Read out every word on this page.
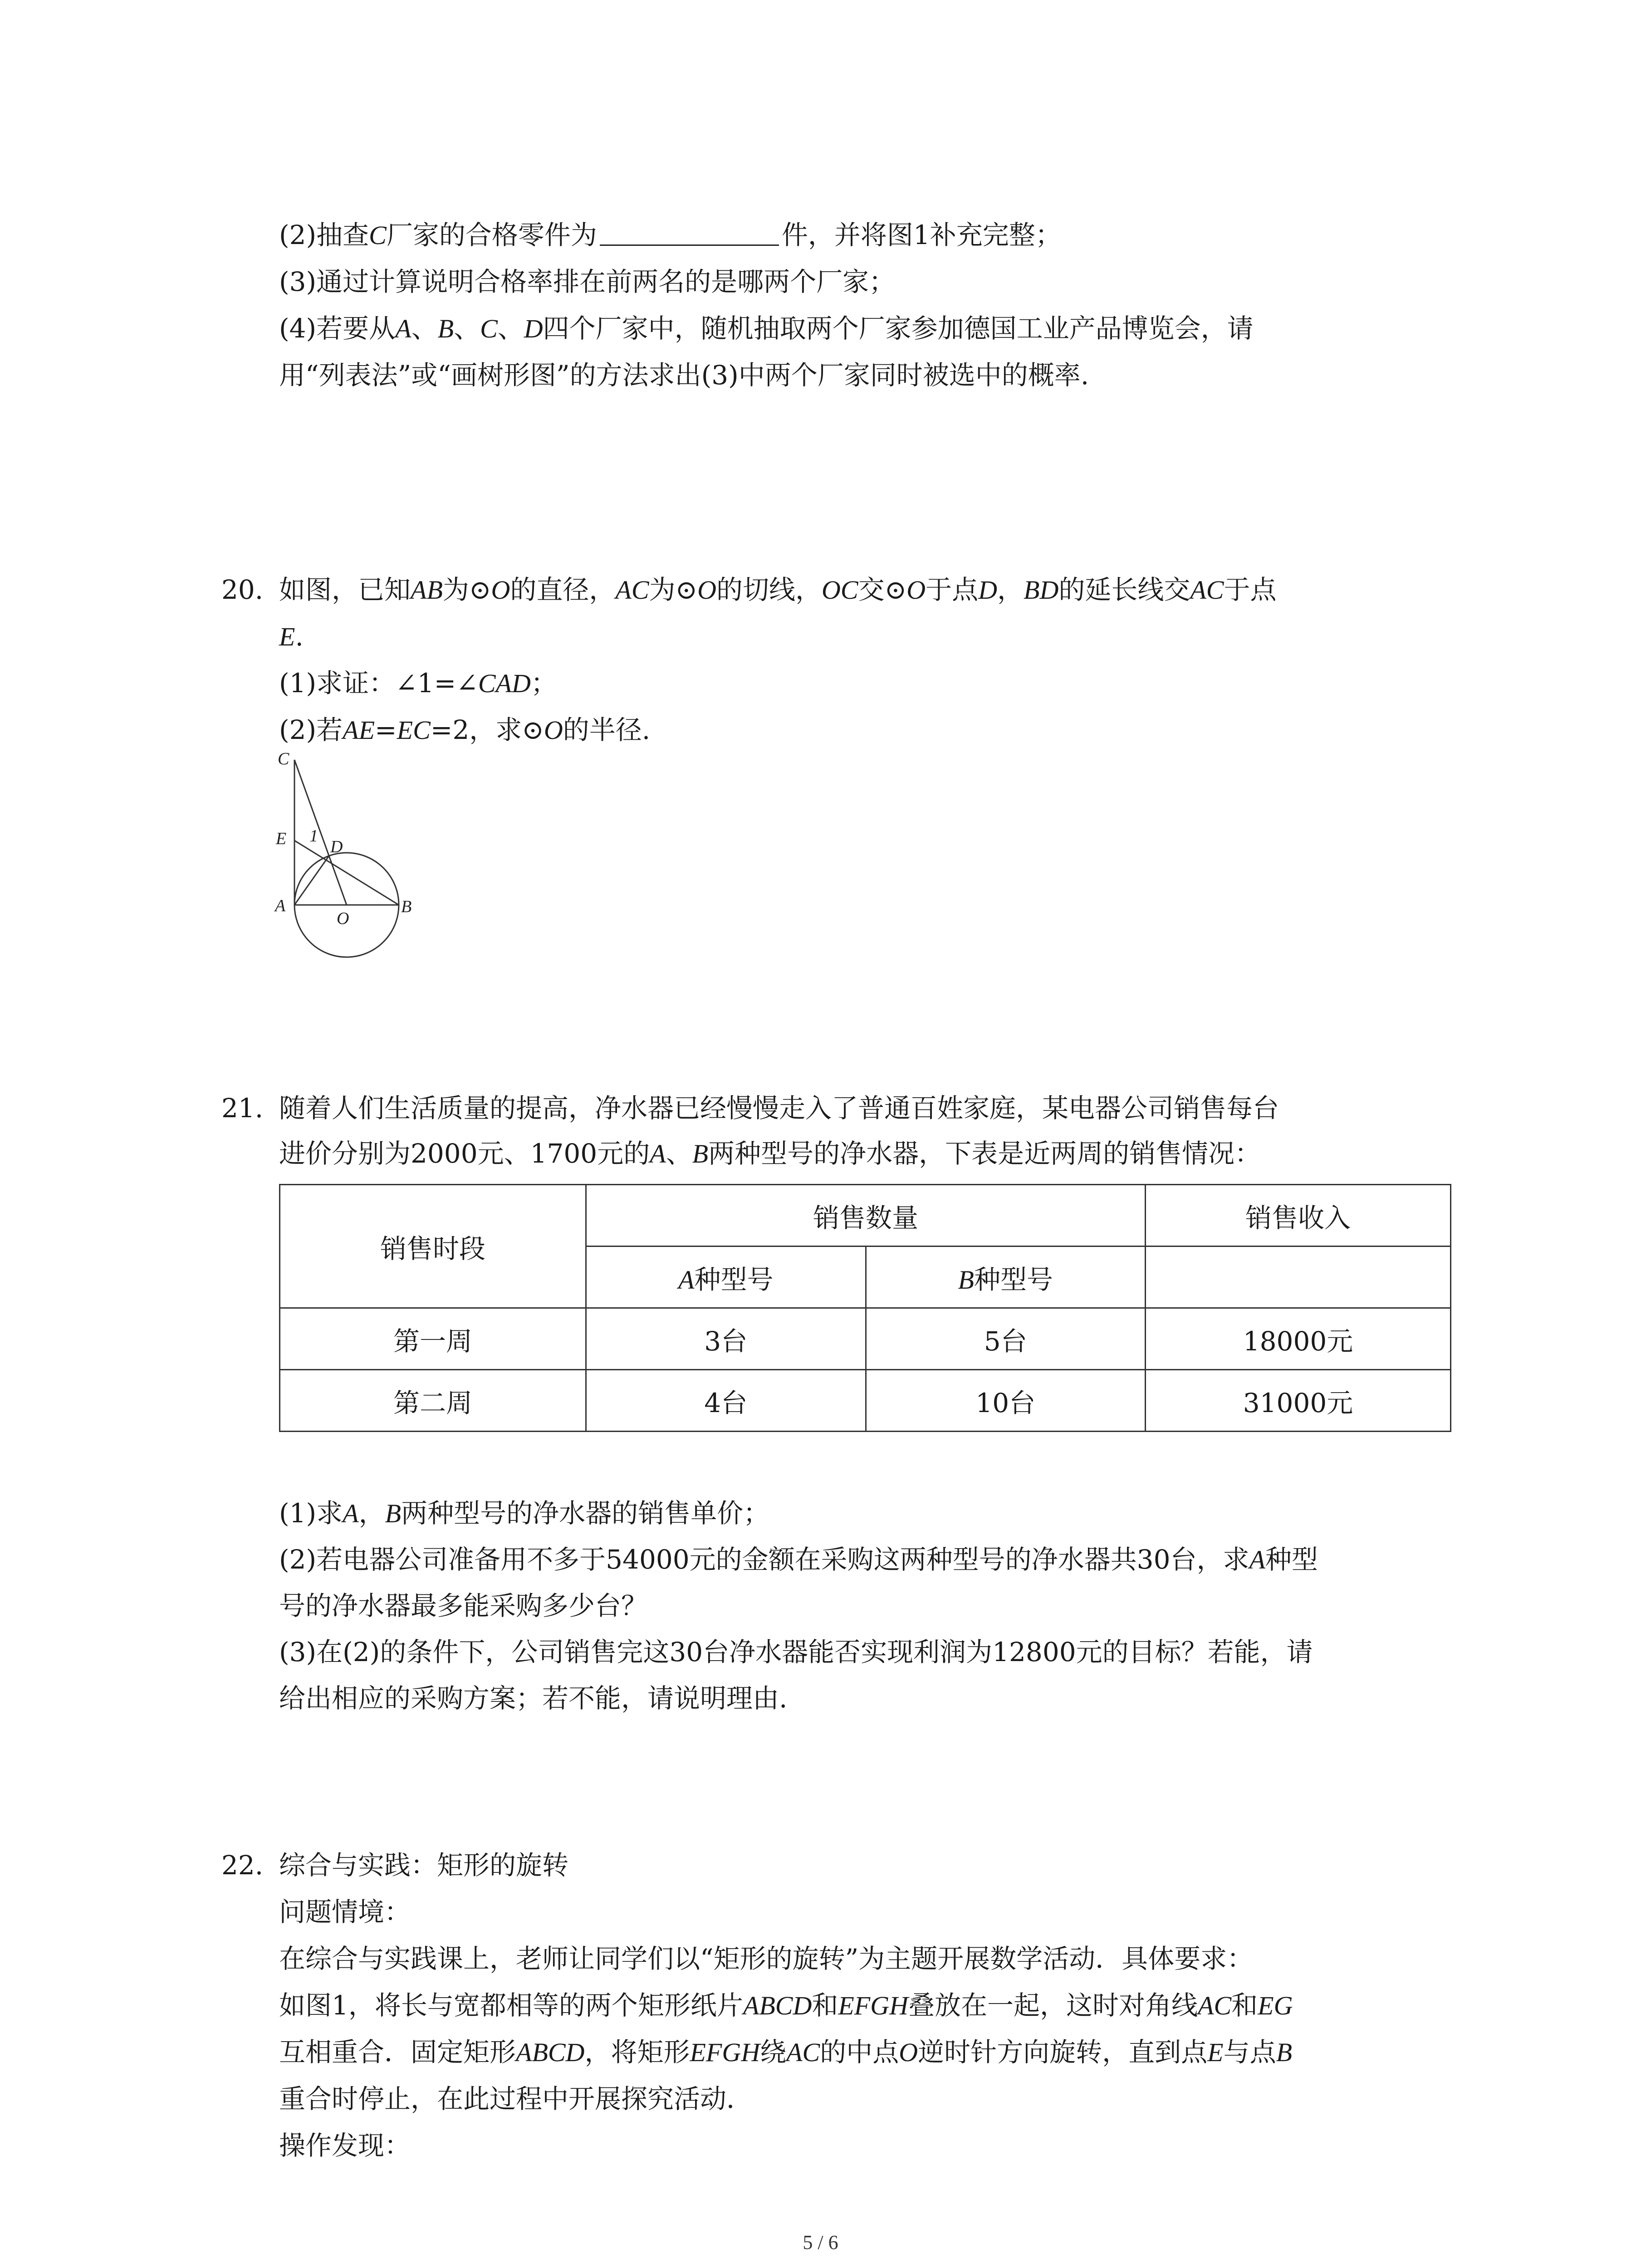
(2)抽查C厂家的合格零件为	件，并将图1补充完整；
(3)通过计算说明合格率排在前两名的是哪两个厂家；
(4)若要从A、B、C、D四个厂家中，随机抽取两个厂家参加德国工业产品博览会，请
用“列表法”或“画树形图”的方法求出(3)中两个厂家同时被选中的概率.
20. 如图，已知AB为⊙O的直径，AC为⊙O的切线，OC交⊙O于点D，BD的延长线交AC于点
E.
(1)求证：∠1=∠CAD；
(2)若AE=EC=2，求⊙O的半径.
C
E 1
D
A
O
B
21. 随着人们生活质量的提高，净水器已经慢慢走入了普通百姓家庭，某电器公司销售每台
进价分别为2000元、1700元的A、B两种型号的净水器，下表是近两周的销售情况：
销售时段	销售数量		销售收入
	A种型号	B种型号	
第一周	3台	5台	18000元
第二周	4台	10台	31000元
(1)求A，B两种型号的净水器的销售单价；
(2)若电器公司准备用不多于54000元的金额在采购这两种型号的净水器共30台，求A种型
号的净水器最多能采购多少台？
(3)在(2)的条件下，公司销售完这30台净水器能否实现利润为12800元的目标？若能，请
给出相应的采购方案；若不能，请说明理由.
22. 综合与实践：矩形的旋转
问题情境：
在综合与实践课上，老师让同学们以“矩形的旋转”为主题开展数学活动．具体要求：
如图1，将长与宽都相等的两个矩形纸片ABCD和EFGH叠放在一起，这时对角线AC和EG
互相重合．固定矩形ABCD，将矩形EFGH绕AC的中点O逆时针方向旋转，直到点E与点B
重合时停止，在此过程中开展探究活动．
操作发现：
5 / 6
